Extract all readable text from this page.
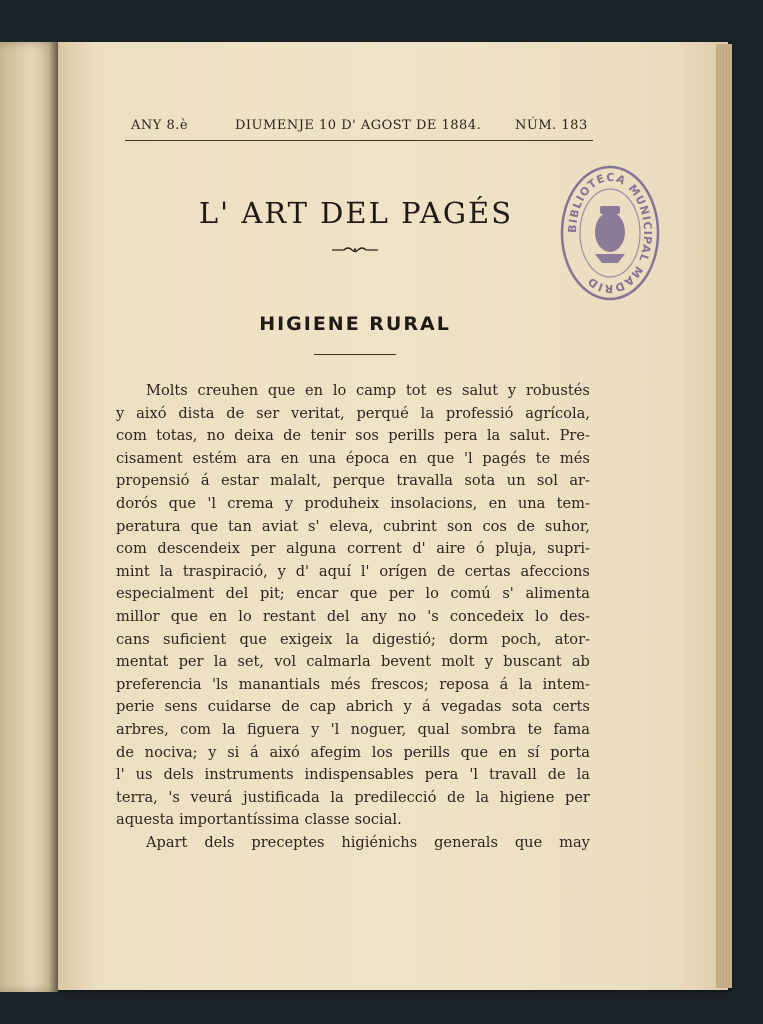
ANY 8.è	DIUMENJE 10 D' AGOST DE 1884.	NÚM. 183
L' ART DEL PAGÉS
HIGIENE RURAL
Molts creuhen que en lo camp tot es salut y robustés
y aixó dista de ser veritat, perqué la professió agrícola,
com totas, no deixa de tenir sos perills pera la salut. Pre-
cisament estém ara en una época en que 'l pagés te més
propensió á estar malalt, perque travalla sota un sol ar-
dorós que 'l crema y produheix insolacions, en una tem-
peratura que tan aviat s' eleva, cubrint son cos de suhor,
com descendeix per alguna corrent d' aire ó pluja, supri-
mint la traspiració, y d' aquí l' orígen de certas afeccions
especialment del pit; encar que per lo comú s' alimenta
millor que en lo restant del any no 's concedeix lo des-
cans suficient que exigeix la digestió; dorm poch, ator-
mentat per la set, vol calmarla bevent molt y buscant ab
preferencia 'ls manantials més frescos; reposa á la intem-
perie sens cuidarse de cap abrich y á vegadas sota certs
arbres, com la figuera y 'l noguer, qual sombra te fama
de nociva; y si á aixó afegim los perills que en sí porta
l' us dels instruments indispensables pera 'l travall de la
terra, 's veurá justificada la predilecció de la higiene per
aquesta importantíssima classe social.
Apart dels preceptes higiénichs generals que may
BIBLIOTECA MUNICIPAL MADRID
